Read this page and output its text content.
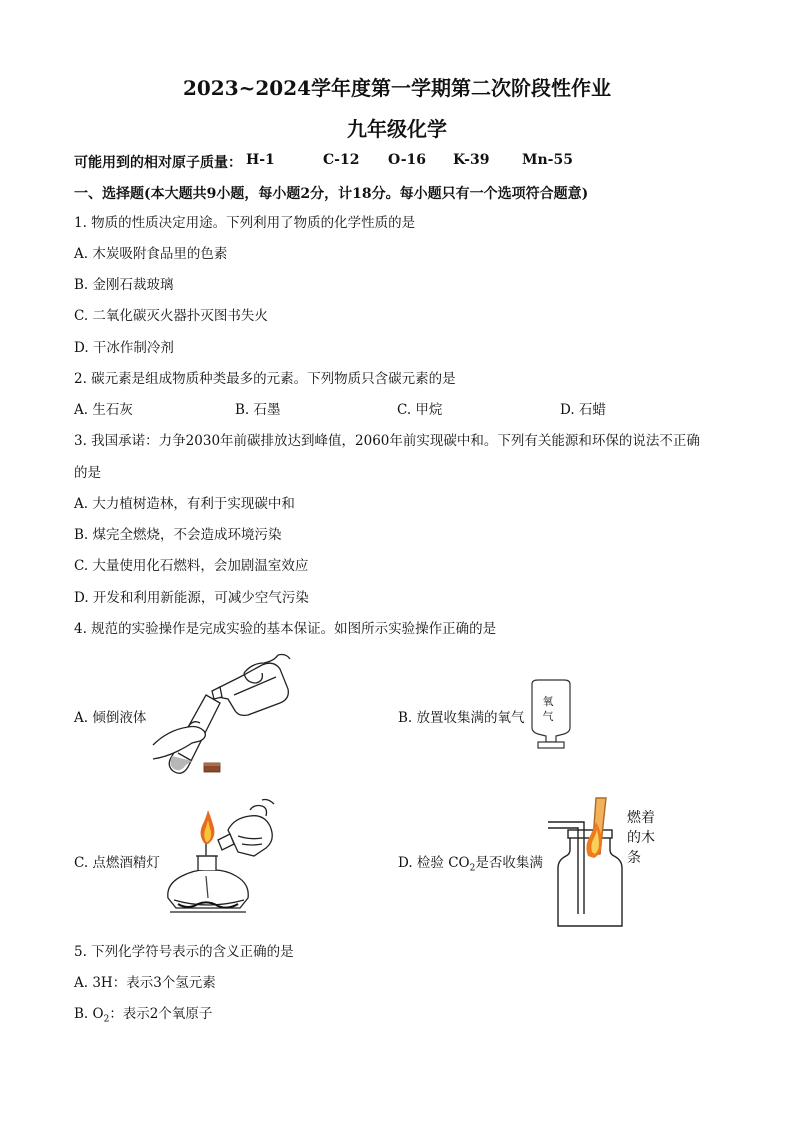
2023~2024学年度第一学期第二次阶段性作业
九年级化学
可能用到的相对原子质量： H-1	C-12 O-16 K-39 Mn-55
一、选择题(本大题共9小题，每小题2分，计18分。每小题只有一个选项符合题意)
1. 物质的性质决定用途。下列利用了物质的化学性质的是
A. 木炭吸附食品里的色素
B. 金刚石裁玻璃
C. 二氧化碳灭火器扑灭图书失火
D. 干冰作制冷剂
2. 碳元素是组成物质种类最多的元素。下列物质只含碳元素的是
A. 生石灰	B. 石墨	C. 甲烷	D. 石蜡
3. 我国承诺：力争2030年前碳排放达到峰值，2060年前实现碳中和。下列有关能源和环保的说法不正确
的是
A. 大力植树造林，有利于实现碳中和
B. 煤完全燃烧，不会造成环境污染
C. 大量使用化石燃料，会加剧温室效应
D. 开发和利用新能源，可减少空气污染
4. 规范的实验操作是完成实验的基本保证。如图所示实验操作正确的是
A. 倾倒液体	B. 放置收集满的氧气
C. 点燃酒精灯	D. 检验 $CO_2$是否收集满
氧气
燃着
的木
条
5. 下列化学符号表示的含义正确的是
A. 3H：表示3个氢元素
B. $O_2$：表示2个氧原子
